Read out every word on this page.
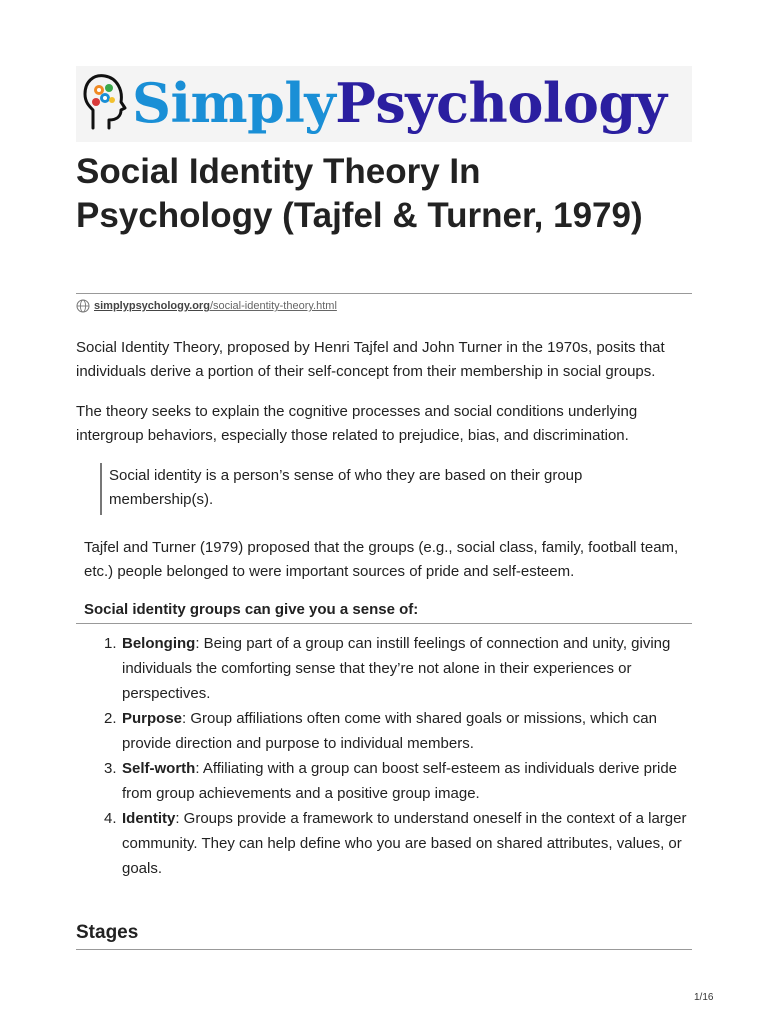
SimplyPsychology
Social Identity Theory In Psychology (Tajfel & Turner, 1979)
simplypsychology.org /social-identity-theory.html

Social Identity Theory, proposed by Henri Tajfel and John Turner in the 1970s, posits that individuals derive a portion of their self-concept from their membership in social groups.

The theory seeks to explain the cognitive processes and social conditions underlying intergroup behaviors, especially those related to prejudice, bias, and discrimination.

Social identity is a person’s sense of who they are based on their group membership(s).

Tajfel and Turner (1979) proposed that the groups (e.g., social class, family, football team, etc.) people belonged to were important sources of pride and self-esteem.

Social identity groups can give you a sense of:
1. Belonging: Being part of a group can instill feelings of connection and unity, giving individuals the comforting sense that they’re not alone in their experiences or perspectives.
2. Purpose: Group affiliations often come with shared goals or missions, which can provide direction and purpose to individual members.
3. Self-worth: Affiliating with a group can boost self-esteem as individuals derive pride from group achievements and a positive group image.
4. Identity: Groups provide a framework to understand oneself in the context of a larger community. They can help define who you are based on shared attributes, values, or goals.
Stages
1/16
